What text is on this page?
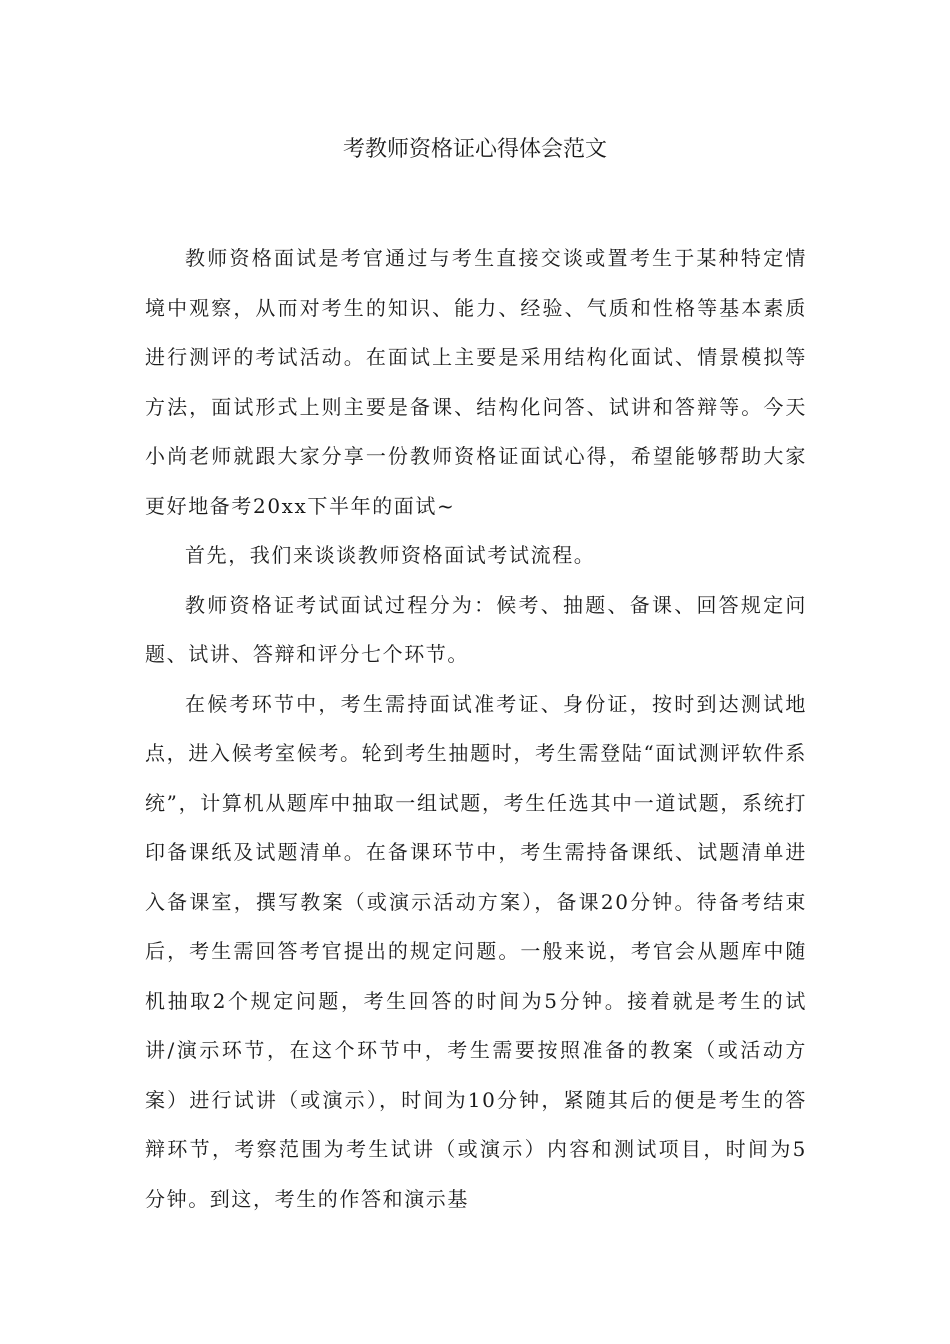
考教师资格证心得体会范文

教师资格面试是考官通过与考生直接交谈或置考生于某种特定情境中观察，从而对考生的知识、能力、经验、气质和性格等基本素质进行测评的考试活动。在面试上主要是采用结构化面试、情景模拟等方法，面试形式上则主要是备课、结构化问答、试讲和答辩等。今天小尚老师就跟大家分享一份教师资格证面试心得，希望能够帮助大家更好地备考20xx下半年的面试~

首先，我们来谈谈教师资格面试考试流程。

教师资格证考试面试过程分为：候考、抽题、备课、回答规定问题、试讲、答辩和评分七个环节。

在候考环节中，考生需持面试准考证、身份证，按时到达测试地点，进入候考室候考。轮到考生抽题时，考生需登陆“面试测评软件系统”，计算机从题库中抽取一组试题，考生任选其中一道试题，系统打印备课纸及试题清单。在备课环节中，考生需持备课纸、试题清单进入备课室，撰写教案（或演示活动方案），备课20分钟。待备考结束后，考生需回答考官提出的规定问题。一般来说，考官会从题库中随机抽取2个规定问题，考生回答的时间为5分钟。接着就是考生的试讲/演示环节，在这个环节中，考生需要按照准备的教案（或活动方案）进行试讲（或演示），时间为10分钟，紧随其后的便是考生的答辩环节，考察范围为考生试讲（或演示）内容和测试项目，时间为5分钟。到这，考生的作答和演示基
